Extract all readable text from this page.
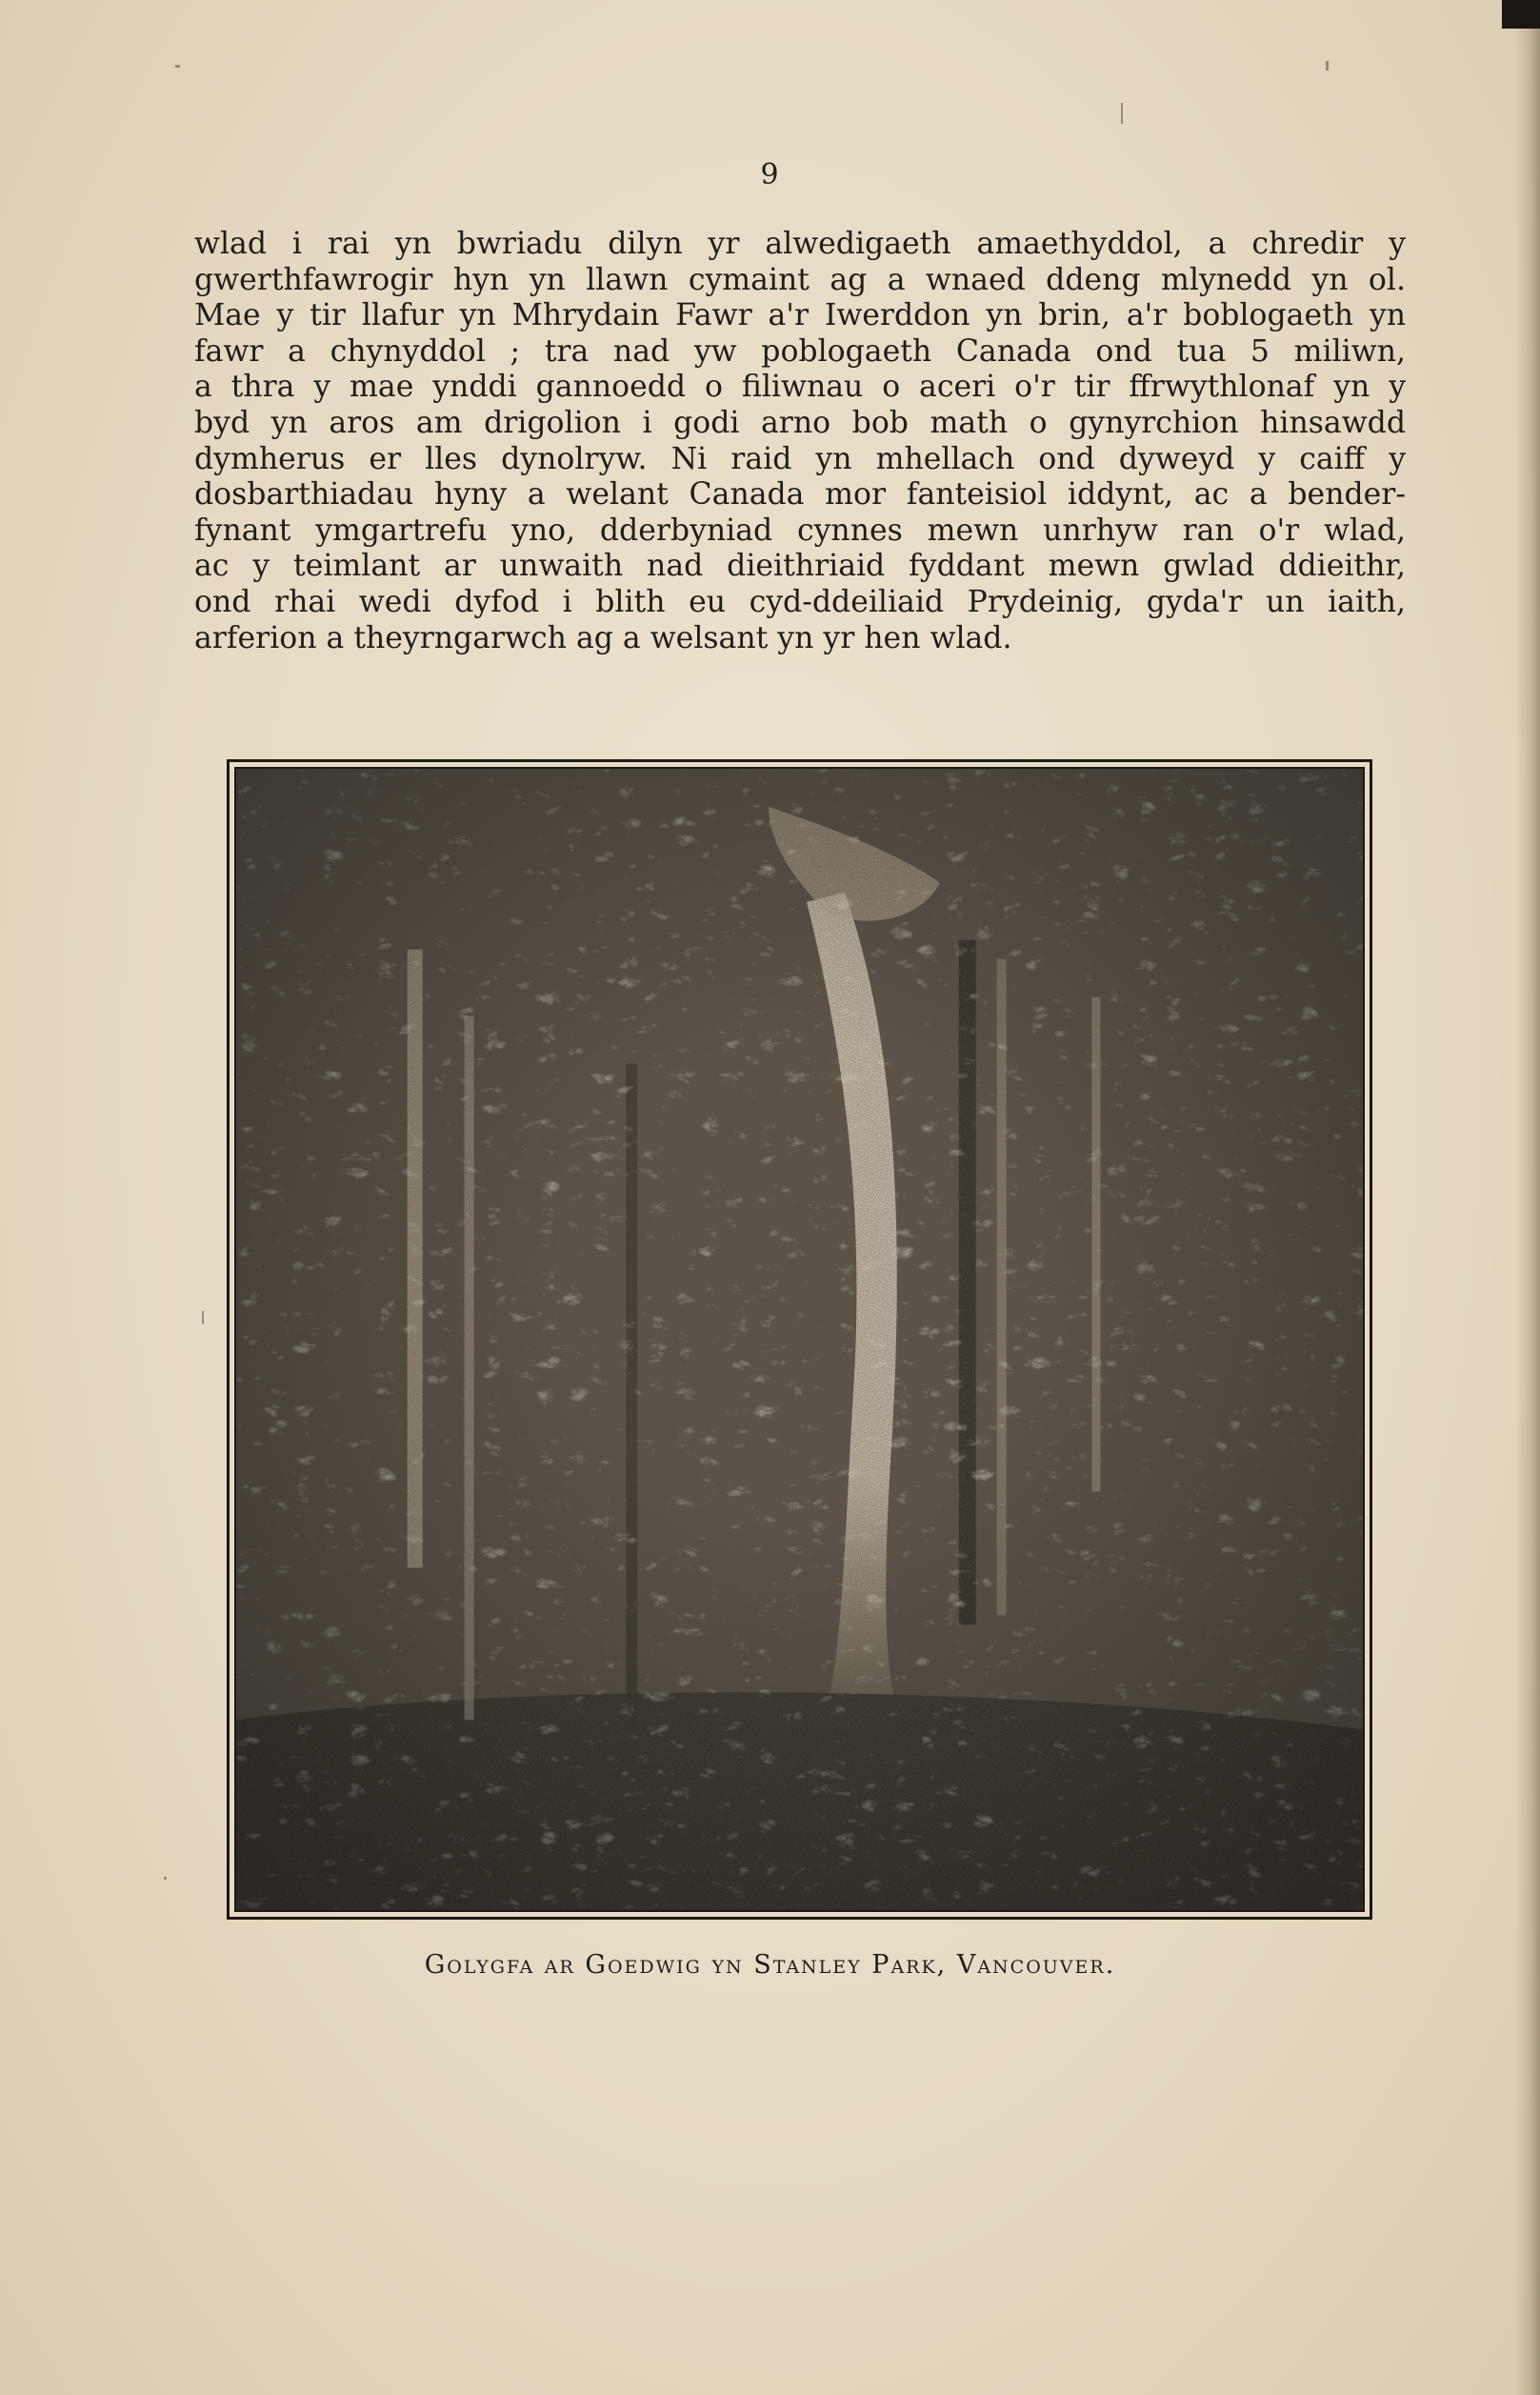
9
wlad i rai yn bwriadu dilyn yr alwedigaeth amaethyddol, a chredir y
gwerthfawrogir hyn yn llawn cymaint ag a wnaed ddeng mlynedd yn ol.
Mae y tir llafur yn Mhrydain Fawr a'r Iwerddon yn brin, a'r boblogaeth yn
fawr a chynyddol ; tra nad yw poblogaeth Canada ond tua 5 miliwn,
a thra y mae ynddi gannoedd o filiwnau o aceri o'r tir ffrwythlonaf yn y
byd yn aros am drigolion i godi arno bob math o gynyrchion hinsawdd
dymherus er lles dynolryw. Ni raid yn mhellach ond dyweyd y caiff y
dosbarthiadau hyny a welant Canada mor fanteisiol iddynt, ac a bender-
fynant ymgartrefu yno, dderbyniad cynnes mewn unrhyw ran o'r wlad,
ac y teimlant ar unwaith nad dieithriaid fyddant mewn gwlad ddieithr,
ond rhai wedi dyfod i blith eu cyd-ddeiliaid Prydeinig, gyda'r un iaith,
arferion a theyrngarwch ag a welsant yn yr hen wlad.
Golygfa ar Goedwig yn Stanley Park, Vancouver.
